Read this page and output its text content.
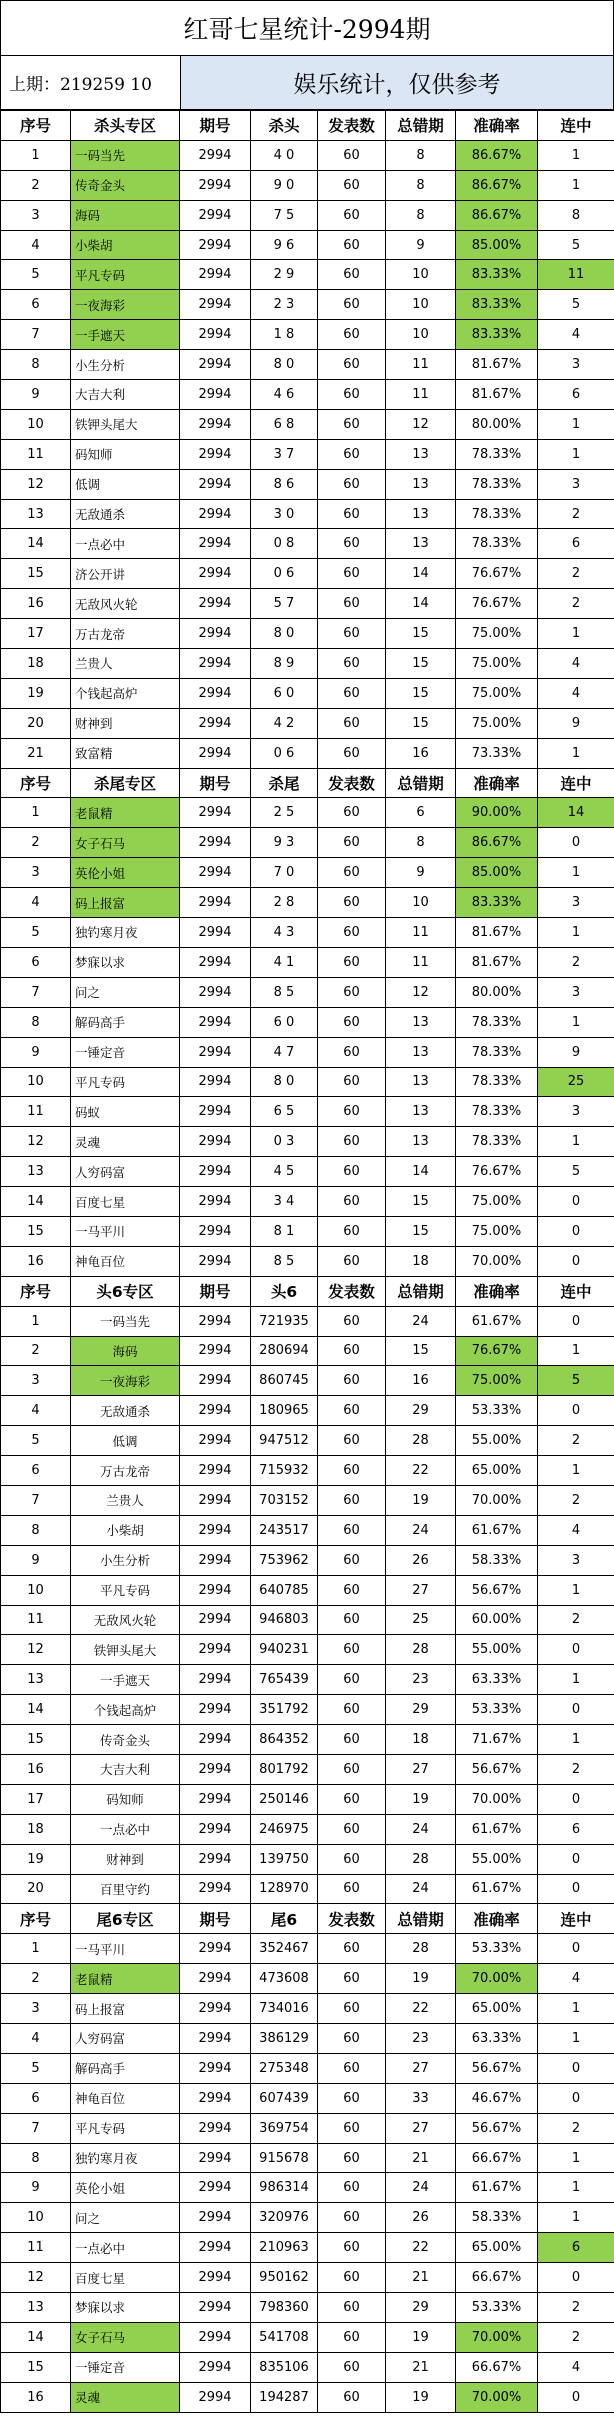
红哥七星统计-2994期
上期：219259 10	娱乐统计，仅供参考
序号	杀头专区	期号	杀头	发表数	总错期	准确率	连中
1	一码当先	2994	4 0	60	8	86.67%	1
2	传奇金头	2994	9 0	60	8	86.67%	1
3	海码	2994	7 5	60	8	86.67%	8
4	小柴胡	2994	9 6	60	9	85.00%	5
5	平凡专码	2994	2 9	60	10	83.33%	11
6	一夜海彩	2994	2 3	60	10	83.33%	5
7	一手遮天	2994	1 8	60	10	83.33%	4
8	小生分析	2994	8 0	60	11	81.67%	3
9	大吉大利	2994	4 6	60	11	81.67%	6
10	铁钾头尾大	2994	6 8	60	12	80.00%	1
11	码知师	2994	3 7	60	13	78.33%	1
12	低调	2994	8 6	60	13	78.33%	3
13	无敌通杀	2994	3 0	60	13	78.33%	2
14	一点必中	2994	0 8	60	13	78.33%	6
15	济公开讲	2994	0 6	60	14	76.67%	2
16	无敌风火轮	2994	5 7	60	14	76.67%	2
17	万古龙帝	2994	8 0	60	15	75.00%	1
18	兰贵人	2994	8 9	60	15	75.00%	4
19	个钱起高炉	2994	6 0	60	15	75.00%	4
20	财神到	2994	4 2	60	15	75.00%	9
21	致富精	2994	0 6	60	16	73.33%	1
序号	杀尾专区	期号	杀尾	发表数	总错期	准确率	连中
1	老鼠精	2994	2 5	60	6	90.00%	14
2	女子石马	2994	9 3	60	8	86.67%	0
3	英伦小姐	2994	7 0	60	9	85.00%	1
4	码上报富	2994	2 8	60	10	83.33%	3
5	独钓寒月夜	2994	4 3	60	11	81.67%	1
6	梦寐以求	2994	4 1	60	11	81.67%	2
7	问之	2994	8 5	60	12	80.00%	3
8	解码高手	2994	6 0	60	13	78.33%	1
9	一锤定音	2994	4 7	60	13	78.33%	9
10	平凡专码	2994	8 0	60	13	78.33%	25
11	码蚁	2994	6 5	60	13	78.33%	3
12	灵魂	2994	0 3	60	13	78.33%	1
13	人穷码富	2994	4 5	60	14	76.67%	5
14	百度七星	2994	3 4	60	15	75.00%	0
15	一马平川	2994	8 1	60	15	75.00%	0
16	神龟百位	2994	8 5	60	18	70.00%	0
序号	头6专区	期号	头6	发表数	总错期	准确率	连中
1	一码当先	2994	721935	60	24	61.67%	0
2	海码	2994	280694	60	15	76.67%	1
3	一夜海彩	2994	860745	60	16	75.00%	5
4	无敌通杀	2994	180965	60	29	53.33%	0
5	低调	2994	947512	60	28	55.00%	2
6	万古龙帝	2994	715932	60	22	65.00%	1
7	兰贵人	2994	703152	60	19	70.00%	2
8	小柴胡	2994	243517	60	24	61.67%	4
9	小生分析	2994	753962	60	26	58.33%	3
10	平凡专码	2994	640785	60	27	56.67%	1
11	无敌风火轮	2994	946803	60	25	60.00%	2
12	铁钾头尾大	2994	940231	60	28	55.00%	0
13	一手遮天	2994	765439	60	23	63.33%	1
14	个钱起高炉	2994	351792	60	29	53.33%	0
15	传奇金头	2994	864352	60	18	71.67%	1
16	大吉大利	2994	801792	60	27	56.67%	2
17	码知师	2994	250146	60	19	70.00%	0
18	一点必中	2994	246975	60	24	61.67%	6
19	财神到	2994	139750	60	28	55.00%	0
20	百里守约	2994	128970	60	24	61.67%	0
序号	尾6专区	期号	尾6	发表数	总错期	准确率	连中
1	一马平川	2994	352467	60	28	53.33%	0
2	老鼠精	2994	473608	60	19	70.00%	4
3	码上报富	2994	734016	60	22	65.00%	1
4	人穷码富	2994	386129	60	23	63.33%	1
5	解码高手	2994	275348	60	27	56.67%	0
6	神龟百位	2994	607439	60	33	46.67%	0
7	平凡专码	2994	369754	60	27	56.67%	2
8	独钓寒月夜	2994	915678	60	21	66.67%	1
9	英伦小姐	2994	986314	60	24	61.67%	1
10	问之	2994	320976	60	26	58.33%	1
11	一点必中	2994	210963	60	22	65.00%	6
12	百度七星	2994	950162	60	21	66.67%	0
13	梦寐以求	2994	798360	60	29	53.33%	2
14	女子石马	2994	541708	60	19	70.00%	2
15	一锤定音	2994	835106	60	21	66.67%	4
16	灵魂	2994	194287	60	19	70.00%	0
